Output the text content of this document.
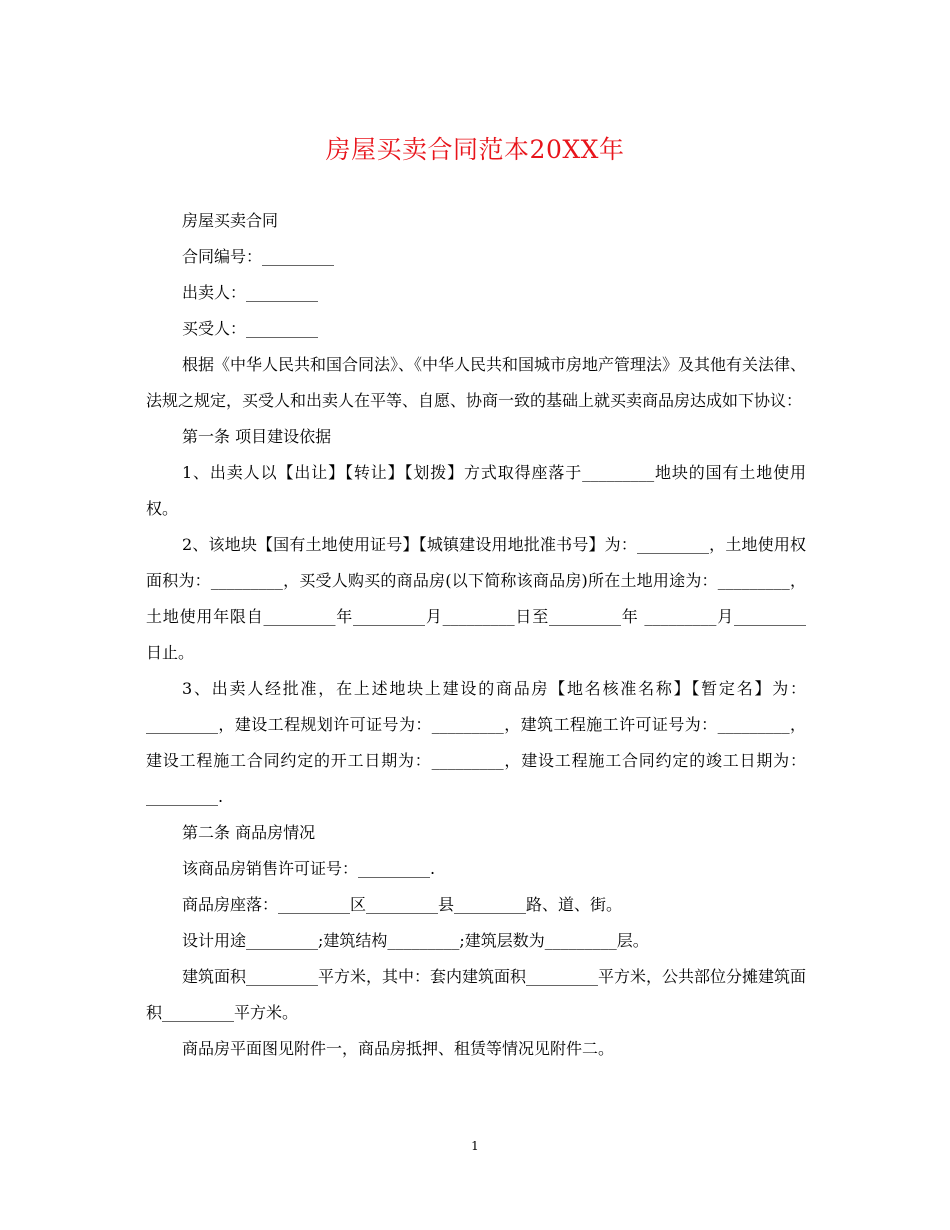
房屋买卖合同范本20XX年

房屋买卖合同

合同编号：_________

出卖人：_________

买受人：_________

根据《中华人民共和国合同法》、《中华人民共和国城市房地产管理法》及其他有关法律、法规之规定，买受人和出卖人在平等、自愿、协商一致的基础上就买卖商品房达成如下协议：

第一条 项目建设依据

1、出卖人以【出让】【转让】【划拨】方式取得座落于_________地块的国有土地使用权。

2、该地块【国有土地使用证号】【城镇建设用地批准书号】为：_________，土地使用权面积为：_________，买受人购买的商品房(以下简称该商品房)所在土地用途为：_________，土地使用年限自_________年_________月_________日至_________年 _________月_________日止。

3、出卖人经批准，在上述地块上建设的商品房【地名核准名称】【暂定名】为：_________，建设工程规划许可证号为：_________，建筑工程施工许可证号为：_________，建设工程施工合同约定的开工日期为：_________，建设工程施工合同约定的竣工日期为：_________.

第二条 商品房情况

该商品房销售许可证号：_________.

商品房座落：_________区_________县_________路、道、街。

设计用途_________;建筑结构_________;建筑层数为_________层。

建筑面积_________平方米，其中：套内建筑面积_________平方米，公共部位分摊建筑面积_________平方米。

商品房平面图见附件一，商品房抵押、租赁等情况见附件二。

1
